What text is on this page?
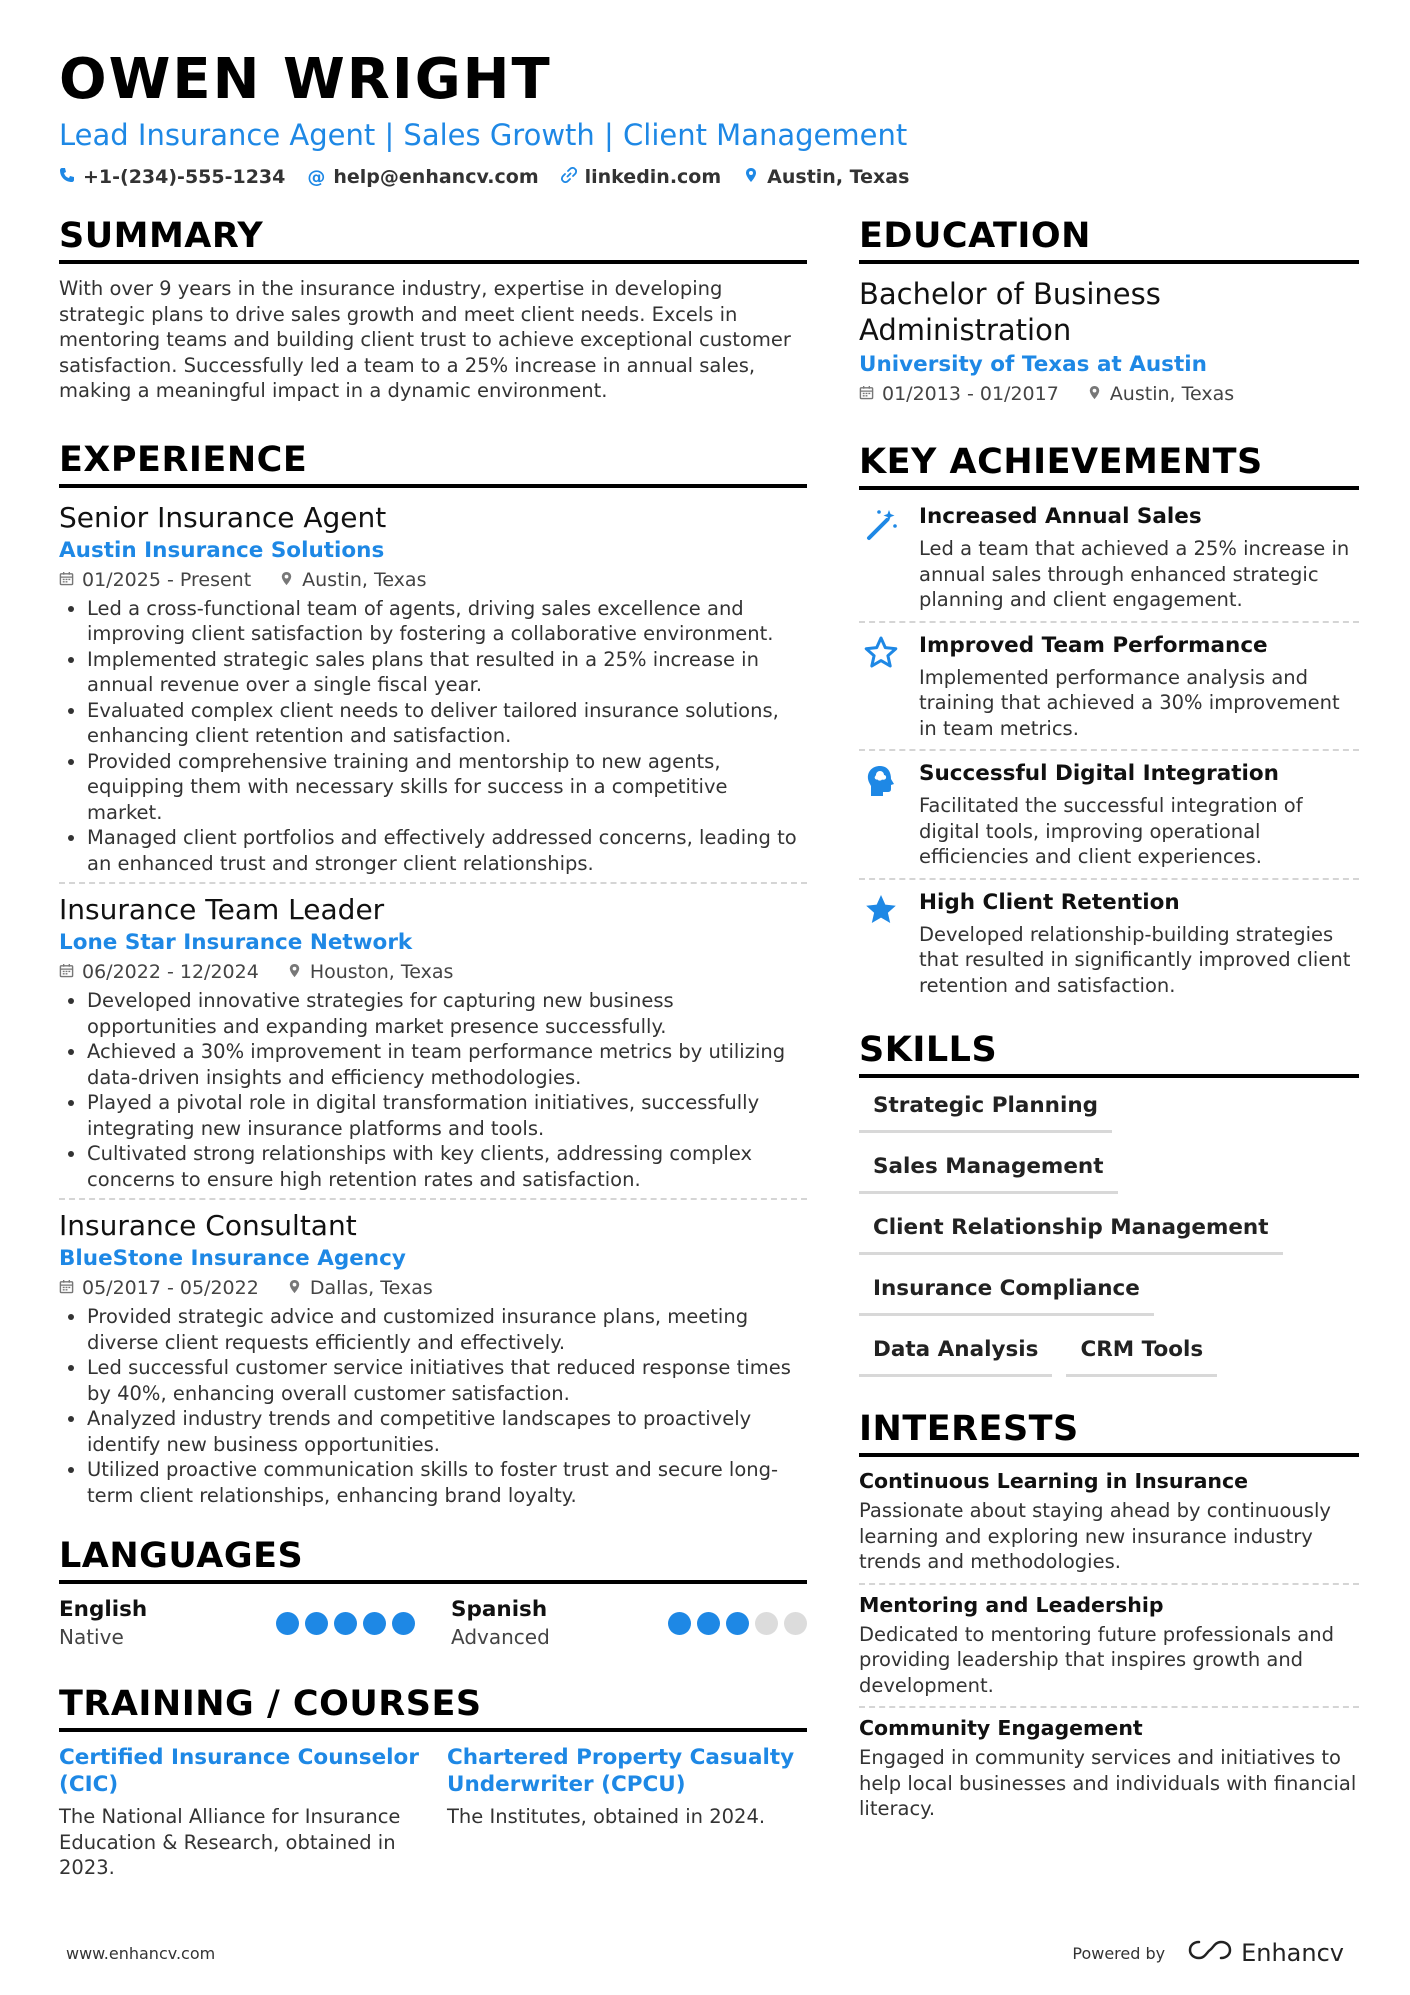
OWEN WRIGHT
Lead Insurance Agent | Sales Growth | Client Management
+1-(234)-555-1234 @ help@enhancv.com linkedin.com Austin, Texas
SUMMARY

With over 9 years in the insurance industry, expertise in developing strategic plans to drive sales growth and meet client needs. Excels in mentoring teams and building client trust to achieve exceptional customer satisfaction. Successfully led a team to a 25% increase in annual sales, making a meaningful impact in a dynamic environment.

EXPERIENCE
Senior Insurance Agent
Austin Insurance Solutions
01/2025 - Present	Austin, Texas
• Led a cross-functional team of agents, driving sales excellence and improving client satisfaction by fostering a collaborative environment.
• Implemented strategic sales plans that resulted in a 25% increase in annual revenue over a single fiscal year.
• Evaluated complex client needs to deliver tailored insurance solutions, enhancing client retention and satisfaction.
• Provided comprehensive training and mentorship to new agents, equipping them with necessary skills for success in a competitive market.
• Managed client portfolios and effectively addressed concerns, leading to an enhanced trust and stronger client relationships.
Insurance Team Leader
Lone Star Insurance Network
06/2022 - 12/2024	Houston, Texas
• Developed innovative strategies for capturing new business opportunities and expanding market presence successfully.
• Achieved a 30% improvement in team performance metrics by utilizing data-driven insights and efficiency methodologies.
• Played a pivotal role in digital transformation initiatives, successfully integrating new insurance platforms and tools.
• Cultivated strong relationships with key clients, addressing complex concerns to ensure high retention rates and satisfaction.
Insurance Consultant
BlueStone Insurance Agency
05/2017 - 05/2022	Dallas, Texas
• Provided strategic advice and customized insurance plans, meeting diverse client requests efficiently and effectively.
• Led successful customer service initiatives that reduced response times by 40%, enhancing overall customer satisfaction.
• Analyzed industry trends and competitive landscapes to proactively identify new business opportunities.
• Utilized proactive communication skills to foster trust and secure long-term client relationships, enhancing brand loyalty.
LANGUAGES
English
Native
Spanish
Advanced
TRAINING / COURSES
Certified Insurance Counselor (CIC)
The National Alliance for Insurance Education & Research, obtained in 2023.
Chartered Property Casualty Underwriter (CPCU)
The Institutes, obtained in 2024.
EDUCATION
Bachelor of Business Administration
University of Texas at Austin
01/2013 - 01/2017	Austin, Texas
KEY ACHIEVEMENTS
Increased Annual Sales
Led a team that achieved a 25% increase in annual sales through enhanced strategic planning and client engagement.
Improved Team Performance
Implemented performance analysis and training that achieved a 30% improvement in team metrics.
Successful Digital Integration
Facilitated the successful integration of digital tools, improving operational efficiencies and client experiences.
High Client Retention
Developed relationship-building strategies that resulted in significantly improved client retention and satisfaction.
SKILLS
Strategic Planning
Sales Management
Client Relationship Management
Insurance Compliance
Data Analysis	CRM Tools
INTERESTS
Continuous Learning in Insurance
Passionate about staying ahead by continuously learning and exploring new insurance industry trends and methodologies.
Mentoring and Leadership
Dedicated to mentoring future professionals and providing leadership that inspires growth and development.
Community Engagement
Engaged in community services and initiatives to help local businesses and individuals with financial literacy.
www.enhancv.com	Powered by	Enhancv
